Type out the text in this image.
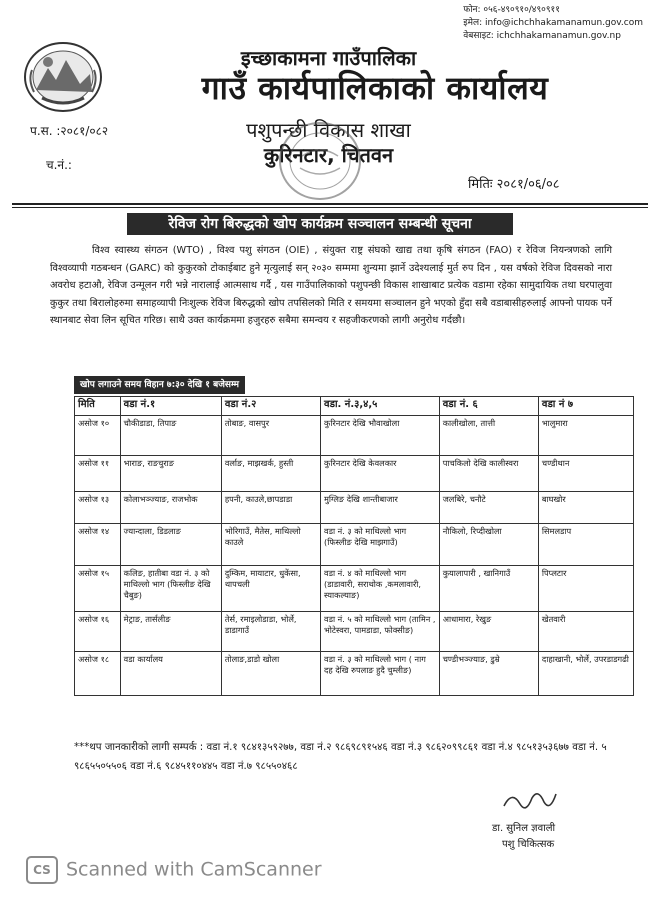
फोन: ०५६-४९०९१०/४९०९११
इमेल: info@ichchhakamanamun.gov.com
वेबसाइट: ichchhakamanamun.gov.np
इच्छाकामना गाउँपालिका
गाउँ कार्यपालिकाको कार्यालय
प.स. :२०८१/०८२
च.नं.:
पशुपन्छी विकास शाखा
कुरिनटार, चितवन
मितिः २०८१/०६/०८
रेविज रोग बिरुद्धको खोप कार्यक्रम सञ्चालन सम्बन्धी सूचना
विश्व स्वास्थ्य संगठन (WTO) , विश्व पशु संगठन (OIE) , संयुक्त राष्ट्र संघको खाद्य तथा कृषि संगठन (FAO) र रेविज नियन्त्रणको लागि विश्वव्यापी गठबन्धन (GARC) को कुकुरको टोकाईबाट हुने मृत्युलाई सन् २०३० सम्ममा शुन्यमा झार्ने उदेश्यलाई मुर्त रुप दिन , यस वर्षको रेविज दिवसको नारा अवरोध हटाऔ, रेविज उन्मूलन गरी भन्ने नारालाई आत्मसाथ गर्दै , यस गाउँपालिकाको पशुपन्छी विकास शाखाबाट प्रत्येक वडामा रहेका सामुदायिक तथा घरपालुवा कुकुर तथा बिरालोहरुमा समाहव्यापी निःशुल्क रेविज बिरुद्धको खोप तपसिलको मिति र समयमा सञ्चालन हुने भएको हुँदा सबै वडाबासीहरुलाई आफ्नो पायक पर्ने स्थानबाट सेवा लिन सूचित गरिछ। साथै उक्त कार्यक्रममा हजुरहरु सबैमा समन्वय र सहजीकरणको लागी अनुरोध गर्दछौ।
खोप लगाउने समय विहान ७:३० देखि १ बजेसम्म
मिति	वडा नं.१	वडा नं.२	वडा. नं.३,४,५	वडा नं. ६	वडा नं ७
असोज १०	चौकीडाडा, तिपाङ	तोबाङ, वासपुर	कुरिनटार देखि भौवाखोला	कालीखोला, तात्ती	भालुमारा
असोज ११	भाराङ, राङचुराङ	वर्लाङ, माझखर्क, हुस्ती	कुरिनटार देखि केवलकार	पाचकिलो देखि कालीस्वरा	चण्डीथान
असोज १३	कोलाभञ्ज्याङ, राजभोक	हपनी, काउले,छापडाडा	मुग्लिङ देखि शान्तीबाजार	जलबिरे, चनौटे	बाघखोर
असोज १४	ज्यान्दाला, डिडलाङ	भोरिगाउँ, मैतेस, माथिल्लो काउले	वडा नं. ३ को माथिल्लो भाग (फिस्लीङ देखि माझगाउँ)	नौकिलो, रिप्दीखोला	सिमलडाप
असोज १५	कलिङ, हातीबा वडा नं. ३ को माथिल्लो भाग (फिस्लीङ देखि चैबुङ)	दुम्किम, मायाटार, धुकेंसा, थापचली	वडा नं. ४ को माथिल्लो भाग (डाडावारी, सराथोक ,कमलावारी, स्याकल्याङ)	कुयालापारी , खानिगाउँ	पिप्लटार
असोज १६	मेट्राङ, तार्सलीङ	तेर्स, रमाइलोडाडा, भोर्ले, डाडागाउँ	वडा नं. ५ को माथिल्लो भाग (तामिन , भोटेस्वरा, पामडाडा, फोक्सीङ)	आधामारा, रेखुङ	खेतवारी
असोज १८	वडा कार्यालय	तोलाङ,डाडो खोला	वडा नं. ३ को माथिल्लो भाग ( नाग दह देखि रुपलाङ हुदै चुम्लीङ)	चण्डीभञ्ज्याङ, डुम्रे	दाहाखानी, भोर्ले, उपरडाडगढी
***थप जानकारीको लागी सम्पर्क : वडा नं.१ ९८४१३५९२७७, वडा नं.२ ९८६९८९१५४६ वडा नं.३ ९८६२०९९८६१ वडा नं.४ ९८५१३५३६७७ वडा नं. ५ ९८६५५०५५०६ वडा नं.६ ९८४५११०४४५ वडा नं.७ ९८५५०४६८
डा. सुनिल ज्ञवाली
पशु चिकित्सक
CS Scanned with CamScanner
